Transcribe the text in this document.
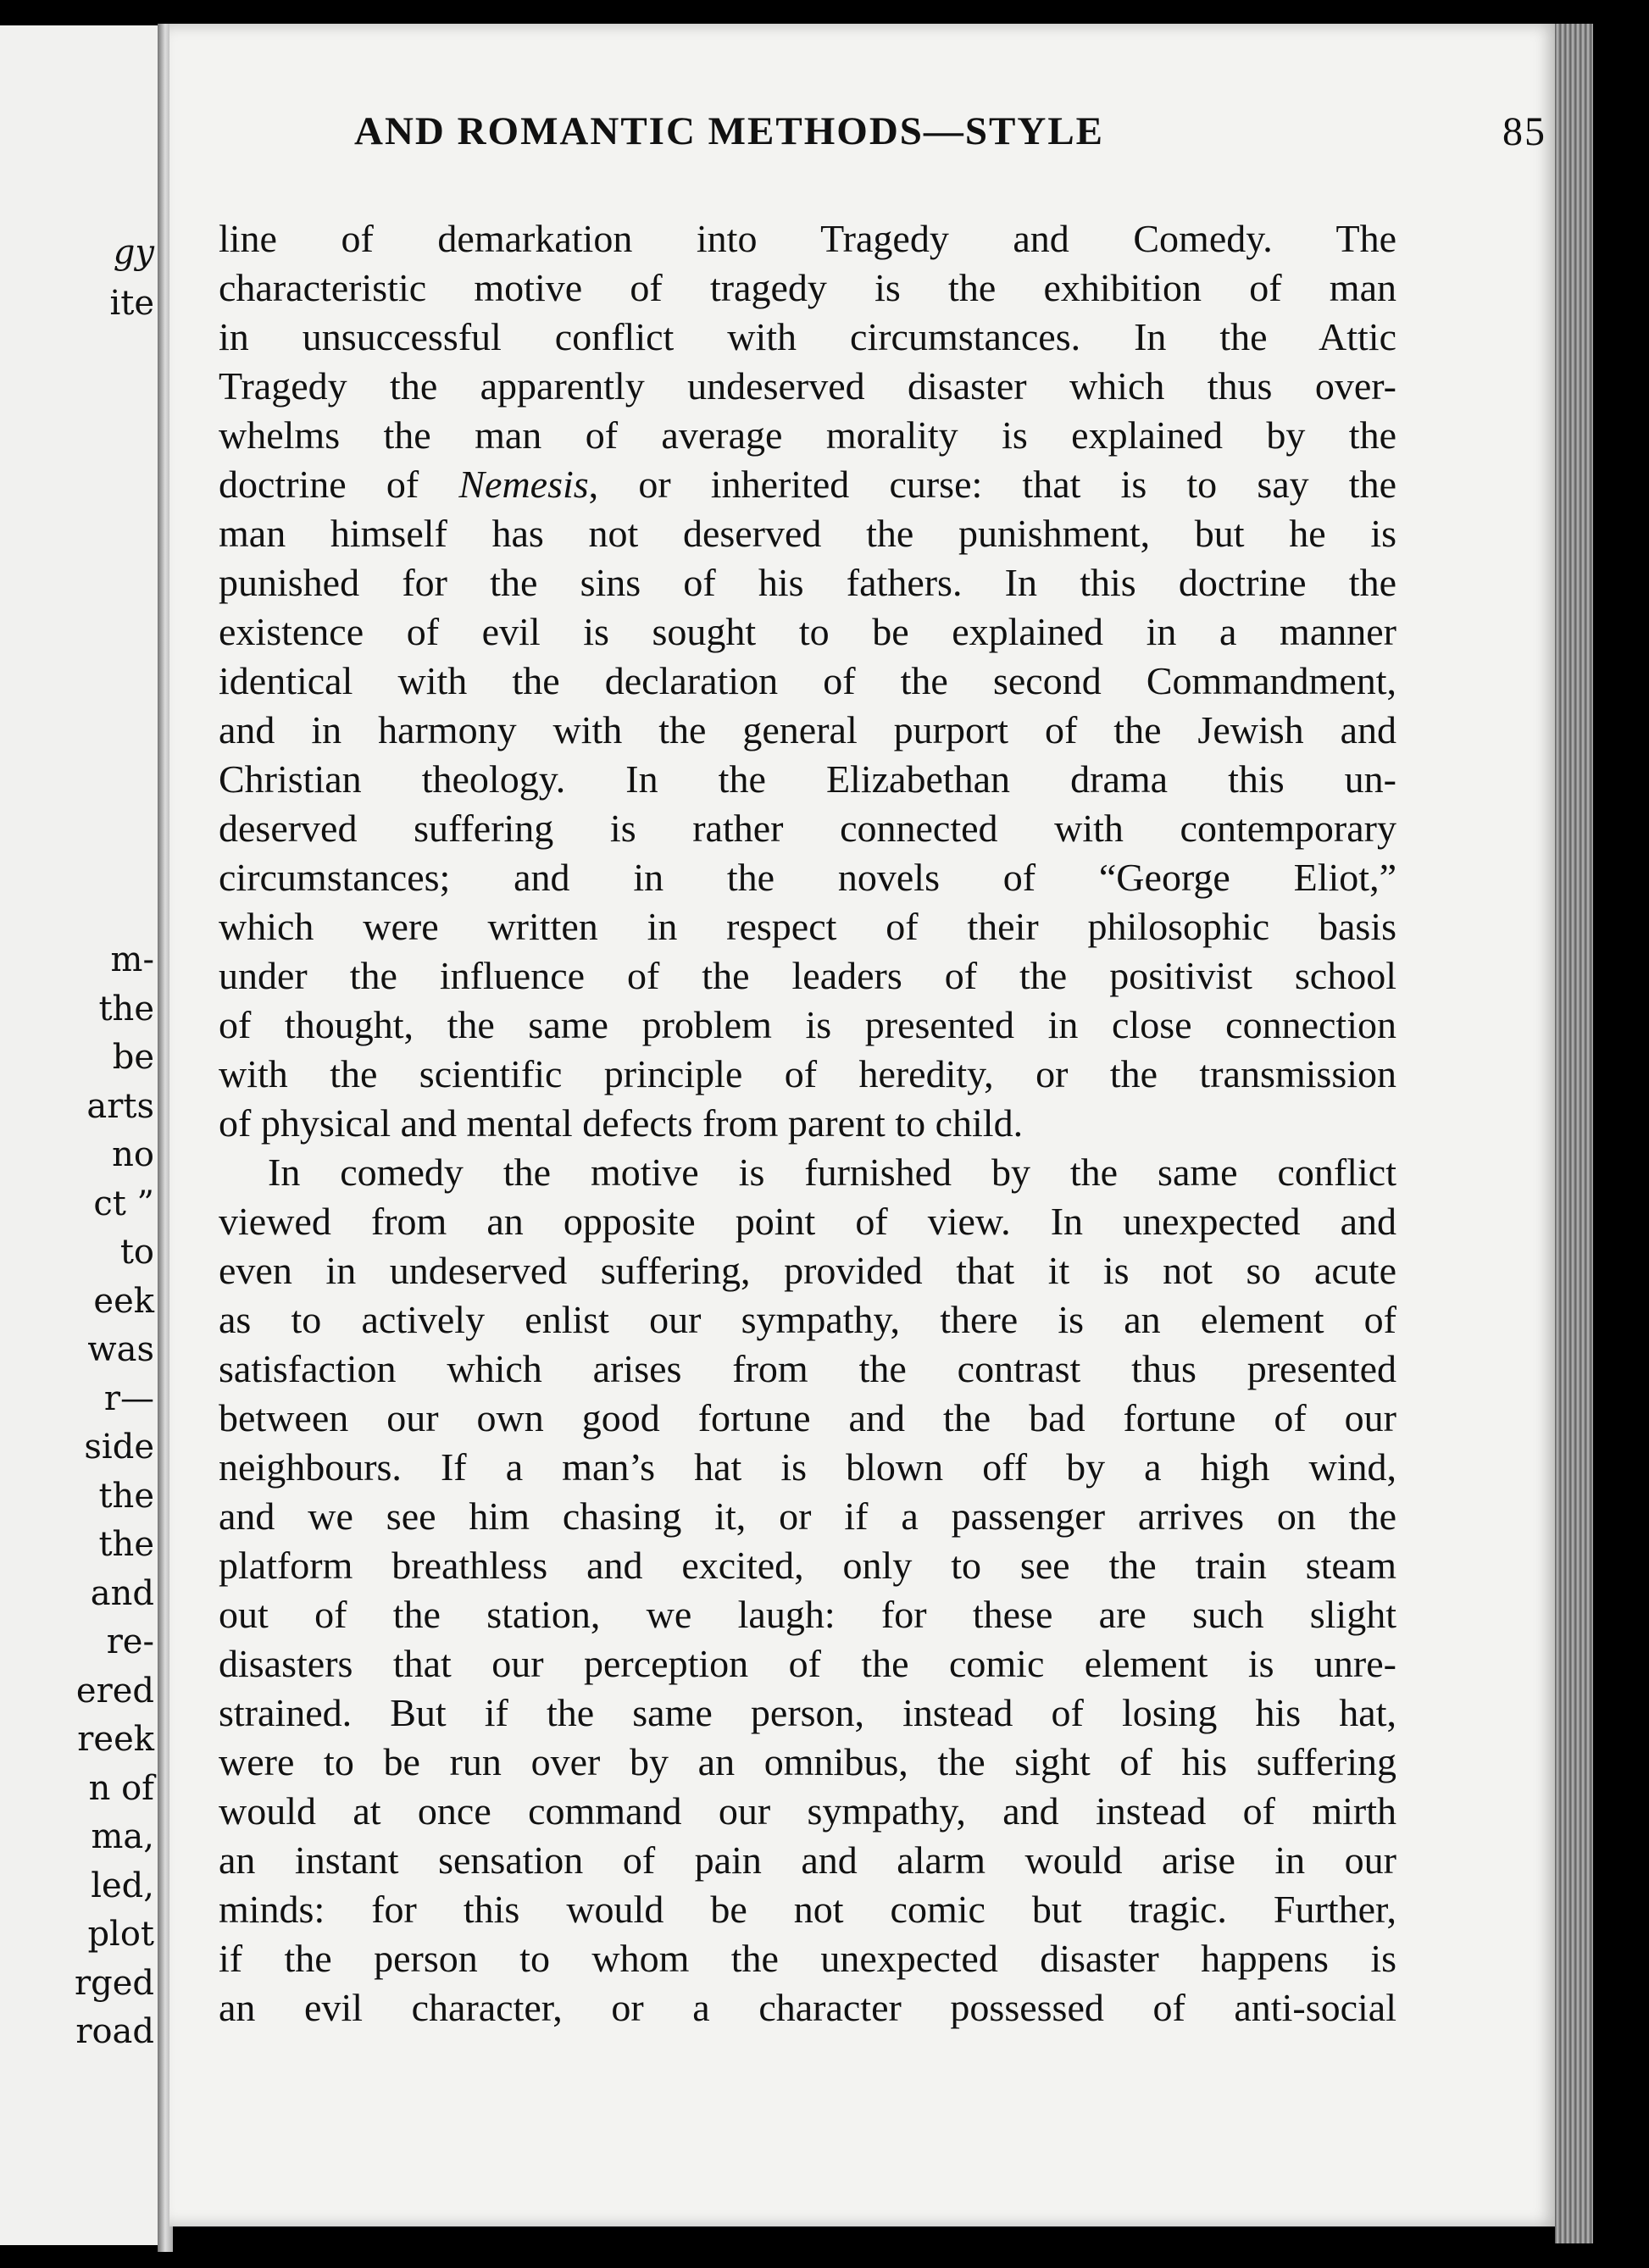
gy
ite
m-
the
be
arts
no
ct ”
to
eek
was
r—
side
the
the
and
re-
ered
reek
n of
ma,
led,
plot
rged
road
AND ROMANTIC METHODS—STYLE	85
line of demarkation into Tragedy and Comedy. The
characteristic motive of tragedy is the exhibition of man
in unsuccessful conflict with circumstances. In the Attic
Tragedy the apparently undeserved disaster which thus over-
whelms the man of average morality is explained by the
doctrine of Nemesis, or inherited curse: that is to say the
man himself has not deserved the punishment, but he is
punished for the sins of his fathers. In this doctrine the
existence of evil is sought to be explained in a manner
identical with the declaration of the second Commandment,
and in harmony with the general purport of the Jewish and
Christian theology. In the Elizabethan drama this un-
deserved suffering is rather connected with contemporary
circumstances; and in the novels of “George Eliot,”
which were written in respect of their philosophic basis
under the influence of the leaders of the positivist school
of thought, the same problem is presented in close connection
with the scientific principle of heredity, or the transmission
of physical and mental defects from parent to child.
In comedy the motive is furnished by the same conflict
viewed from an opposite point of view. In unexpected and
even in undeserved suffering, provided that it is not so acute
as to actively enlist our sympathy, there is an element of
satisfaction which arises from the contrast thus presented
between our own good fortune and the bad fortune of our
neighbours. If a man’s hat is blown off by a high wind,
and we see him chasing it, or if a passenger arrives on the
platform breathless and excited, only to see the train steam
out of the station, we laugh: for these are such slight
disasters that our perception of the comic element is unre-
strained. But if the same person, instead of losing his hat,
were to be run over by an omnibus, the sight of his suffering
would at once command our sympathy, and instead of mirth
an instant sensation of pain and alarm would arise in our
minds: for this would be not comic but tragic. Further,
if the person to whom the unexpected disaster happens is
an evil character, or a character possessed of anti-social
